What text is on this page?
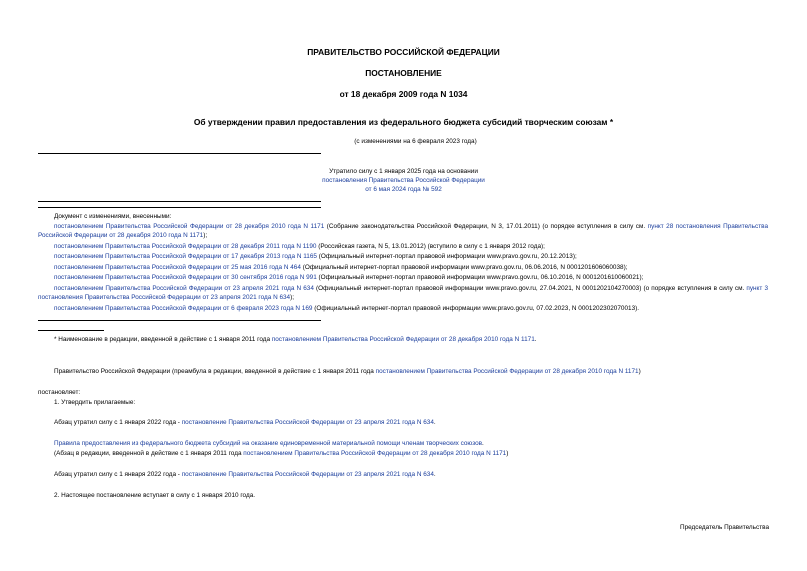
ПРАВИТЕЛЬСТВО РОССИЙСКОЙ ФЕДЕРАЦИИ
ПОСТАНОВЛЕНИЕ
от 18 декабря 2009 года N 1034
Об утверждении правил предоставления из федерального бюджета субсидий творческим союзам *
(с изменениями на 6 февраля 2023 года)
Утратило силу с 1 января 2025 года на основании
постановления Правительства Российской Федерации
от 6 мая 2024 года № 592
Документ с изменениями, внесенными:
постановлением Правительства Российской Федерации от 28 декабря 2010 года N 1171 (Собрание законодательства Российской Федерации, N 3, 17.01.2011) (о порядке вступления в силу см. пункт 28 постановления Правительства Российской Федерации от 28 декабря 2010 года N 1171);
постановлением Правительства Российской Федерации от 28 декабря 2011 года N 1190 (Российская газета, N 5, 13.01.2012) (вступило в силу с 1 января 2012 года);
постановлением Правительства Российской Федерации от 17 декабря 2013 года N 1165 (Официальный интернет-портал правовой информации www.pravo.gov.ru, 20.12.2013);
постановлением Правительства Российской Федерации от 25 мая 2016 года N 464 (Официальный интернет-портал правовой информации www.pravo.gov.ru, 06.06.2016, N 0001201606060038);
постановлением Правительства Российской Федерации от 30 сентября 2016 года N 991 (Официальный интернет-портал правовой информации www.pravo.gov.ru, 06.10.2016, N 0001201610060021);
постановлением Правительства Российской Федерации от 23 апреля 2021 года N 634 (Официальный интернет-портал правовой информации www.pravo.gov.ru, 27.04.2021, N 0001202104270003) (о порядке вступления в силу см. пункт 3 постановления Правительства Российской Федерации от 23 апреля 2021 года N 634);
постановлением Правительства Российской Федерации от 6 февраля 2023 года N 169 (Официальный интернет-портал правовой информации www.pravo.gov.ru, 07.02.2023, N 0001202302070013).
* Наименование в редакции, введенной в действие с 1 января 2011 года постановлением Правительства Российской Федерации от 28 декабря 2010 года N 1171.
Правительство Российской Федерации (преамбула в редакции, введенной в действие с 1 января 2011 года постановлением Правительства Российской Федерации от 28 декабря 2010 года N 1171)
постановляет:
1. Утвердить прилагаемые:
Абзац утратил силу с 1 января 2022 года - постановление Правительства Российской Федерации от 23 апреля 2021 года N 634.
Правила предоставления из федерального бюджета субсидий на оказание единовременной материальной помощи членам творческих союзов.
(Абзац в редакции, введенной в действие с 1 января 2011 года постановлением Правительства Российской Федерации от 28 декабря 2010 года N 1171)
Абзац утратил силу с 1 января 2022 года - постановление Правительства Российской Федерации от 23 апреля 2021 года N 634.
2. Настоящее постановление вступает в силу с 1 января 2010 года.
Председатель Правительства
